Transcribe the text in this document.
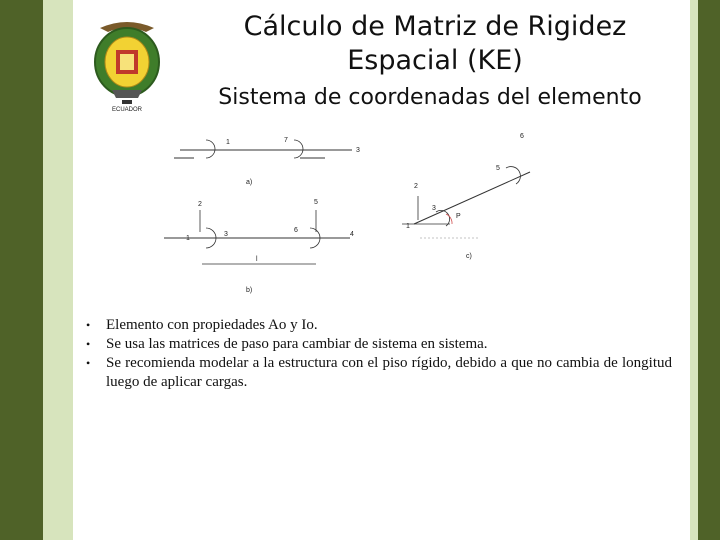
ECUADOR
Cálculo de Matriz de Rigidez
Espacial (KE)
Sistema de coordenadas del elemento
1	7
3
a)
2	5
1
3
6
4
l
b)
6
5
2
3
1
P
c)
• Elemento con propiedades Ao y Io.
• Se usa las matrices de paso para cambiar de sistema en sistema.
• Se recomienda modelar a la estructura con el piso rígido, debido a que no cambia de longitud luego de aplicar cargas.
